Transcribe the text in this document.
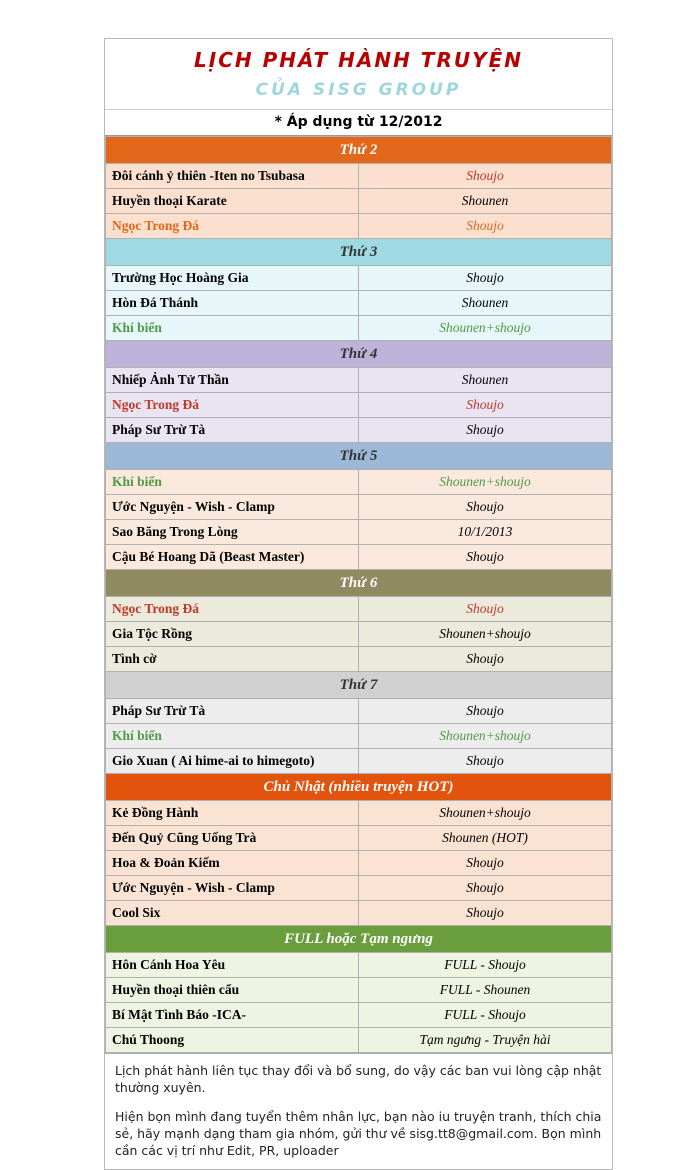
LỊCH PHÁT HÀNH TRUYỆN
CỦA SISG GROUP
* Áp dụng từ 12/2012
Thứ 2	
Đôi cánh ỷ thiên -Iten no Tsubasa	Shoujo
Huyền thoại Karate	Shounen
Ngọc Trong Đá	Shoujo
Thứ 3	
Trường Học Hoàng Gia	Shoujo
Hòn Đá Thánh	Shounen
Khí biển	Shounen+shoujo
Thứ 4	
Nhiếp Ảnh Tử Thần	Shounen
Ngọc Trong Đá	Shoujo
Pháp Sư Trừ Tà	Shoujo
Thứ 5	
Khí biển	Shounen+shoujo
Ước Nguyện - Wish - Clamp	Shoujo
Sao Băng Trong Lòng	10/1/2013
Cậu Bé Hoang Dã (Beast Master)	Shoujo
Thứ 6	
Ngọc Trong Đá	Shoujo
Gia Tộc Rồng	Shounen+shoujo
Tình cờ	Shoujo
Thứ 7	
Pháp Sư Trừ Tà	Shoujo
Khí biển	Shounen+shoujo
Gio Xuan ( Ai hime-ai to himegoto)	Shoujo
Chủ Nhật (nhiều truyện HOT)	
Kẻ Đồng Hành	Shounen+shoujo
Đến Quỷ Cũng Uống Trà	Shounen (HOT)
Hoa & Đoản Kiếm	Shoujo
Ước Nguyện - Wish - Clamp	Shoujo
Cool Six	Shoujo
FULL hoặc Tạm ngưng	
Hôn Cánh Hoa Yêu	FULL - Shoujo
Huyền thoại thiên cẩu	FULL - Shounen
Bí Mật Tình Báo -ICA-	FULL - Shoujo
Chú Thoong	Tạm ngưng - Truyện hài

Lịch phát hành liên tục thay đổi và bổ sung, do vậy các ban vui lòng cập nhật thường xuyên.

Hiện bọn mình đang tuyển thêm nhân lực, bạn nào iu truyện tranh, thích chia sẻ, hãy mạnh dạng tham gia nhóm, gửi thư về sisg.tt8@gmail.com. Bọn mình cần các vị trí như Edit, PR, uploader
